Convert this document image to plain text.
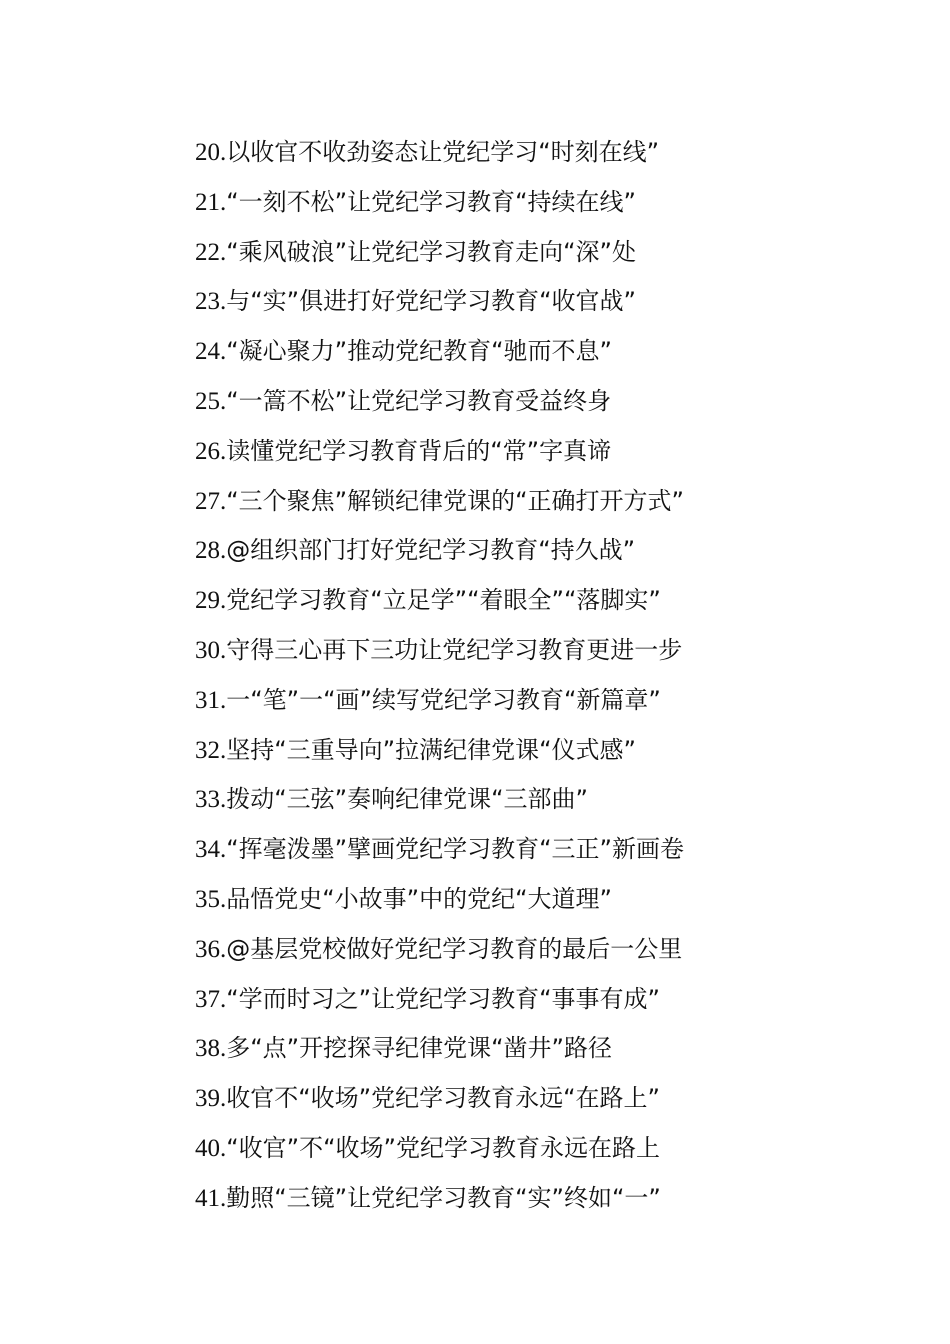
20.以收官不收劲姿态让党纪学习“时刻在线”
21.“一刻不松”让党纪学习教育“持续在线”
22.“乘风破浪”让党纪学习教育走向“深”处
23.与“实”俱进打好党纪学习教育“收官战”
24.“凝心聚力”推动党纪教育“驰而不息”
25.“一篙不松”让党纪学习教育受益终身
26.读懂党纪学习教育背后的“常”字真谛
27.“三个聚焦”解锁纪律党课的“正确打开方式”
28.@组织部门打好党纪学习教育“持久战”
29.党纪学习教育“立足学”“着眼全”“落脚实”
30.守得三心再下三功让党纪学习教育更进一步
31.一“笔”一“画”续写党纪学习教育“新篇章”
32.坚持“三重导向”拉满纪律党课“仪式感”
33.拨动“三弦”奏响纪律党课“三部曲”
34.“挥毫泼墨”擘画党纪学习教育“三正”新画卷
35.品悟党史“小故事”中的党纪“大道理”
36.@基层党校做好党纪学习教育的最后一公里
37.“学而时习之”让党纪学习教育“事事有成”
38.多“点”开挖探寻纪律党课“凿井”路径
39.收官不“收场”党纪学习教育永远“在路上”
40.“收官”不“收场”党纪学习教育永远在路上
41.勤照“三镜”让党纪学习教育“实”终如“一”
